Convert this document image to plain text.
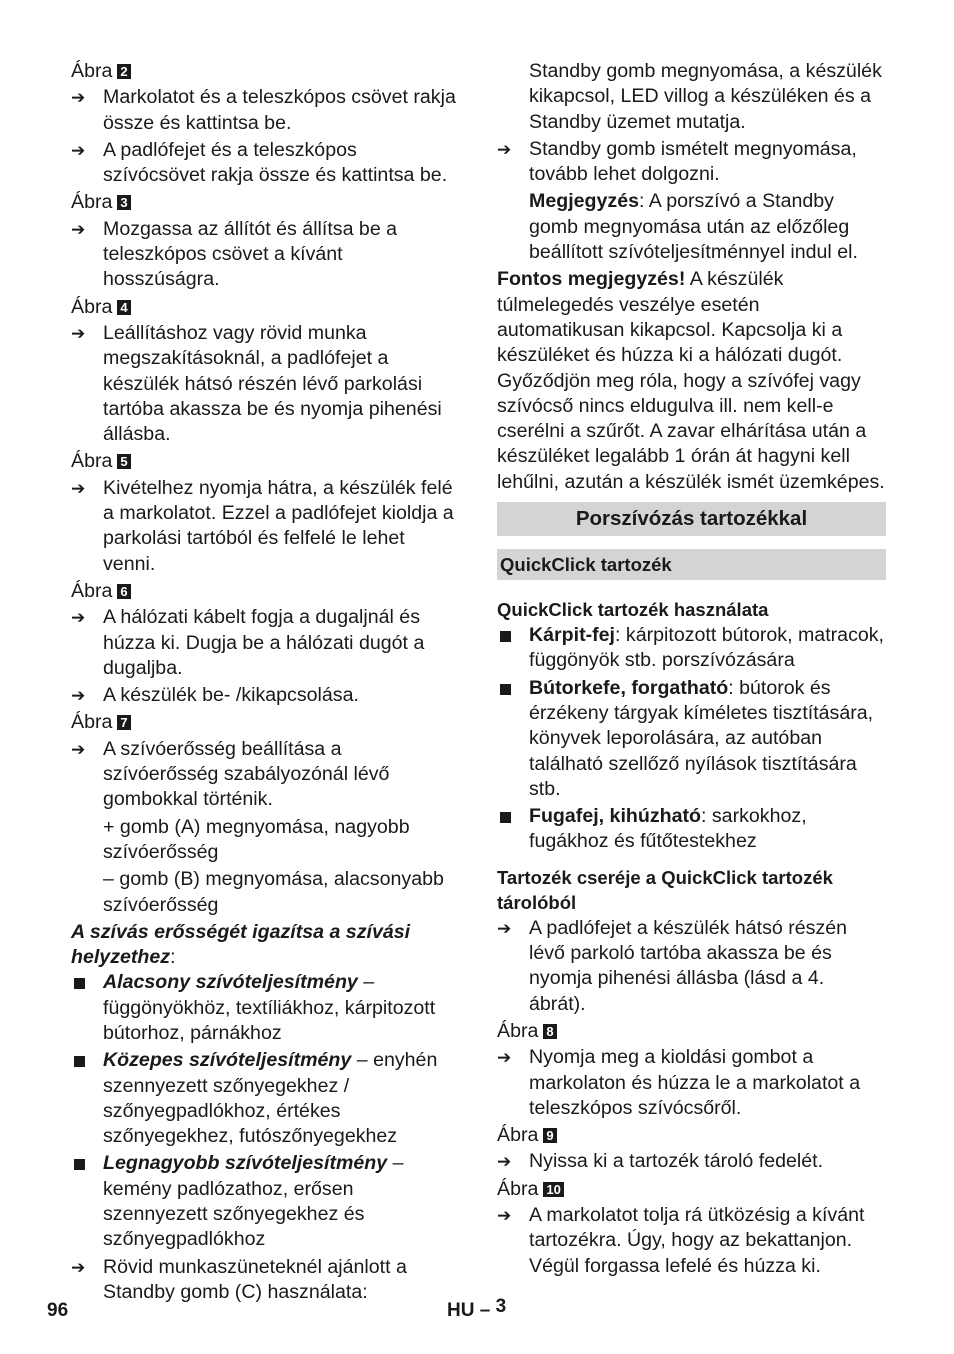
Ábra 2

➔ Markolatot és a teleszkópos csövet rakja össze és kattintsa be.
➔ A padlófejet és a teleszkópos szívócsövet rakja össze és kattintsa be.

Ábra 3

➔ Mozgassa az állítót és állítsa be a teleszkópos csövet a kívánt hosszúságra.

Ábra 4

➔ Leállításhoz vagy rövid munka megszakításoknál, a padlófejet a készülék hátsó részén lévő parkolási tartóba akassza be és nyomja pihenési állásba.

Ábra 5

➔ Kivételhez nyomja hátra, a készülék felé a markolatot. Ezzel a padlófejet kioldja a parkolási tartóból és felfelé le lehet venni.

Ábra 6

➔ A hálózati kábelt fogja a dugaljnál és húzza ki. Dugja be a hálózati dugót a dugaljba.
➔ A készülék be- /kikapcsolása.

Ábra 7

➔ A szívóerősség beállítása a szívóerősség szabályozónál lévő gombokkal történik.

+ gomb (A) megnyomása, nagyobb szívóerősség

– gomb (B) megnyomása, alacsonyabb szívóerősség

A szívás erősségét igazítsa a szívási helyzethez:

Alacsony szívóteljesítmény – függönyökhöz, textíliákhoz, kárpitozott bútorhoz, párnákhoz
Közepes szívóteljesítmény – enyhén szennyezett szőnyegekhez / szőnyegpadlókhoz, értékes szőnyegekhez, futószőnyegekhez
Legnagyobb szívóteljesítmény – kemény padlózathoz, erősen szennyezett szőnyegekhez és szőnyegpadlókhoz
➔ Rövid munkaszüneteknél ajánlott a Standby gomb (C) használata:

Standby gomb megnyomása, a készülék kikapcsol, LED villog a készüléken és a Standby üzemet mutatja.

➔ Standby gomb ismételt megnyomása, tovább lehet dolgozni.

Megjegyzés: A porszívó a Standby gomb megnyomása után az előzőleg beállított szívóteljesítménnyel indul el.

Fontos megjegyzés! A készülék túlmelegedés veszélye esetén automatikusan kikapcsol. Kapcsolja ki a készüléket és húzza ki a hálózati dugót. Győződjön meg róla, hogy a szívófej vagy szívócső nincs eldugulva ill. nem kell-e cserélni a szűrőt. A zavar elhárítása után a készüléket legalább 1 órán át hagyni kell lehűlni, azután a készülék ismét üzemképes.

Porszívózás tartozékkal
QuickClick tartozék
QuickClick tartozék használata
Kárpit-fej: kárpitozott bútorok, matracok, függönyök stb. porszívózására
Bútorkefe, forgatható: bútorok és érzékeny tárgyak kíméletes tisztítására, könyvek leporolására, az autóban található szellőző nyílások tisztítására stb.
Fugafej, kihúzható: sarkokhoz, fugákhoz és fűtőtestekhez
Tartozék cseréje a QuickClick tartozék tárolóból
➔ A padlófejet a készülék hátsó részén lévő parkoló tartóba akassza be és nyomja pihenési állásba (lásd a 4. ábrát).

Ábra 8

➔ Nyomja meg a kioldási gombot a markolaton és húzza le a markolatot a teleszkópos szívócsőről.

Ábra 9

➔ Nyissa ki a tartozék tároló fedelét.

Ábra 10

➔ A markolatot tolja rá ütközésig a kívánt tartozékra. Úgy, hogy az bekattanjon. Végül forgassa lefelé és húzza ki.
96	HU – 3
